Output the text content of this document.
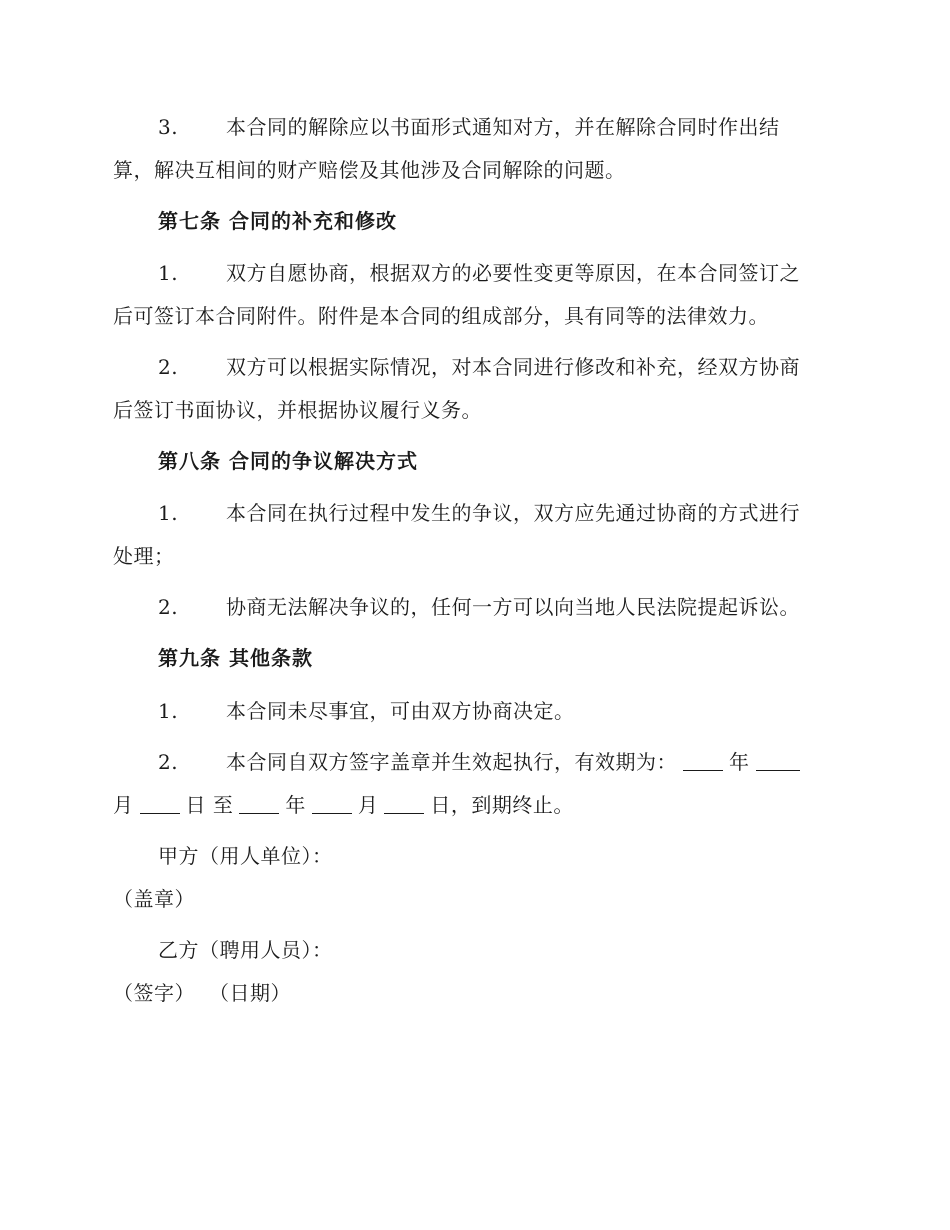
3. 本合同的解除应以书面形式通知对方，并在解除合同时作出结
算，解决互相间的财产赔偿及其他涉及合同解除的问题。
第七条 合同的补充和修改
1. 双方自愿协商，根据双方的必要性变更等原因，在本合同签订之
后可签订本合同附件。附件是本合同的组成部分，具有同等的法律效力。
2. 双方可以根据实际情况，对本合同进行修改和补充，经双方协商
后签订书面协议，并根据协议履行义务。
第八条 合同的争议解决方式
1. 本合同在执行过程中发生的争议，双方应先通过协商的方式进行
处理；
2. 协商无法解决争议的，任何一方可以向当地人民法院提起诉讼。
第九条 其他条款
1. 本合同未尽事宜，可由双方协商决定。
2. 本合同自双方签字盖章并生效起执行，有效期为：	年
月	日 至	年	月	日，到期终止。
甲方（用人单位）：
（盖章）
乙方（聘用人员）：
（签字） （日期）
